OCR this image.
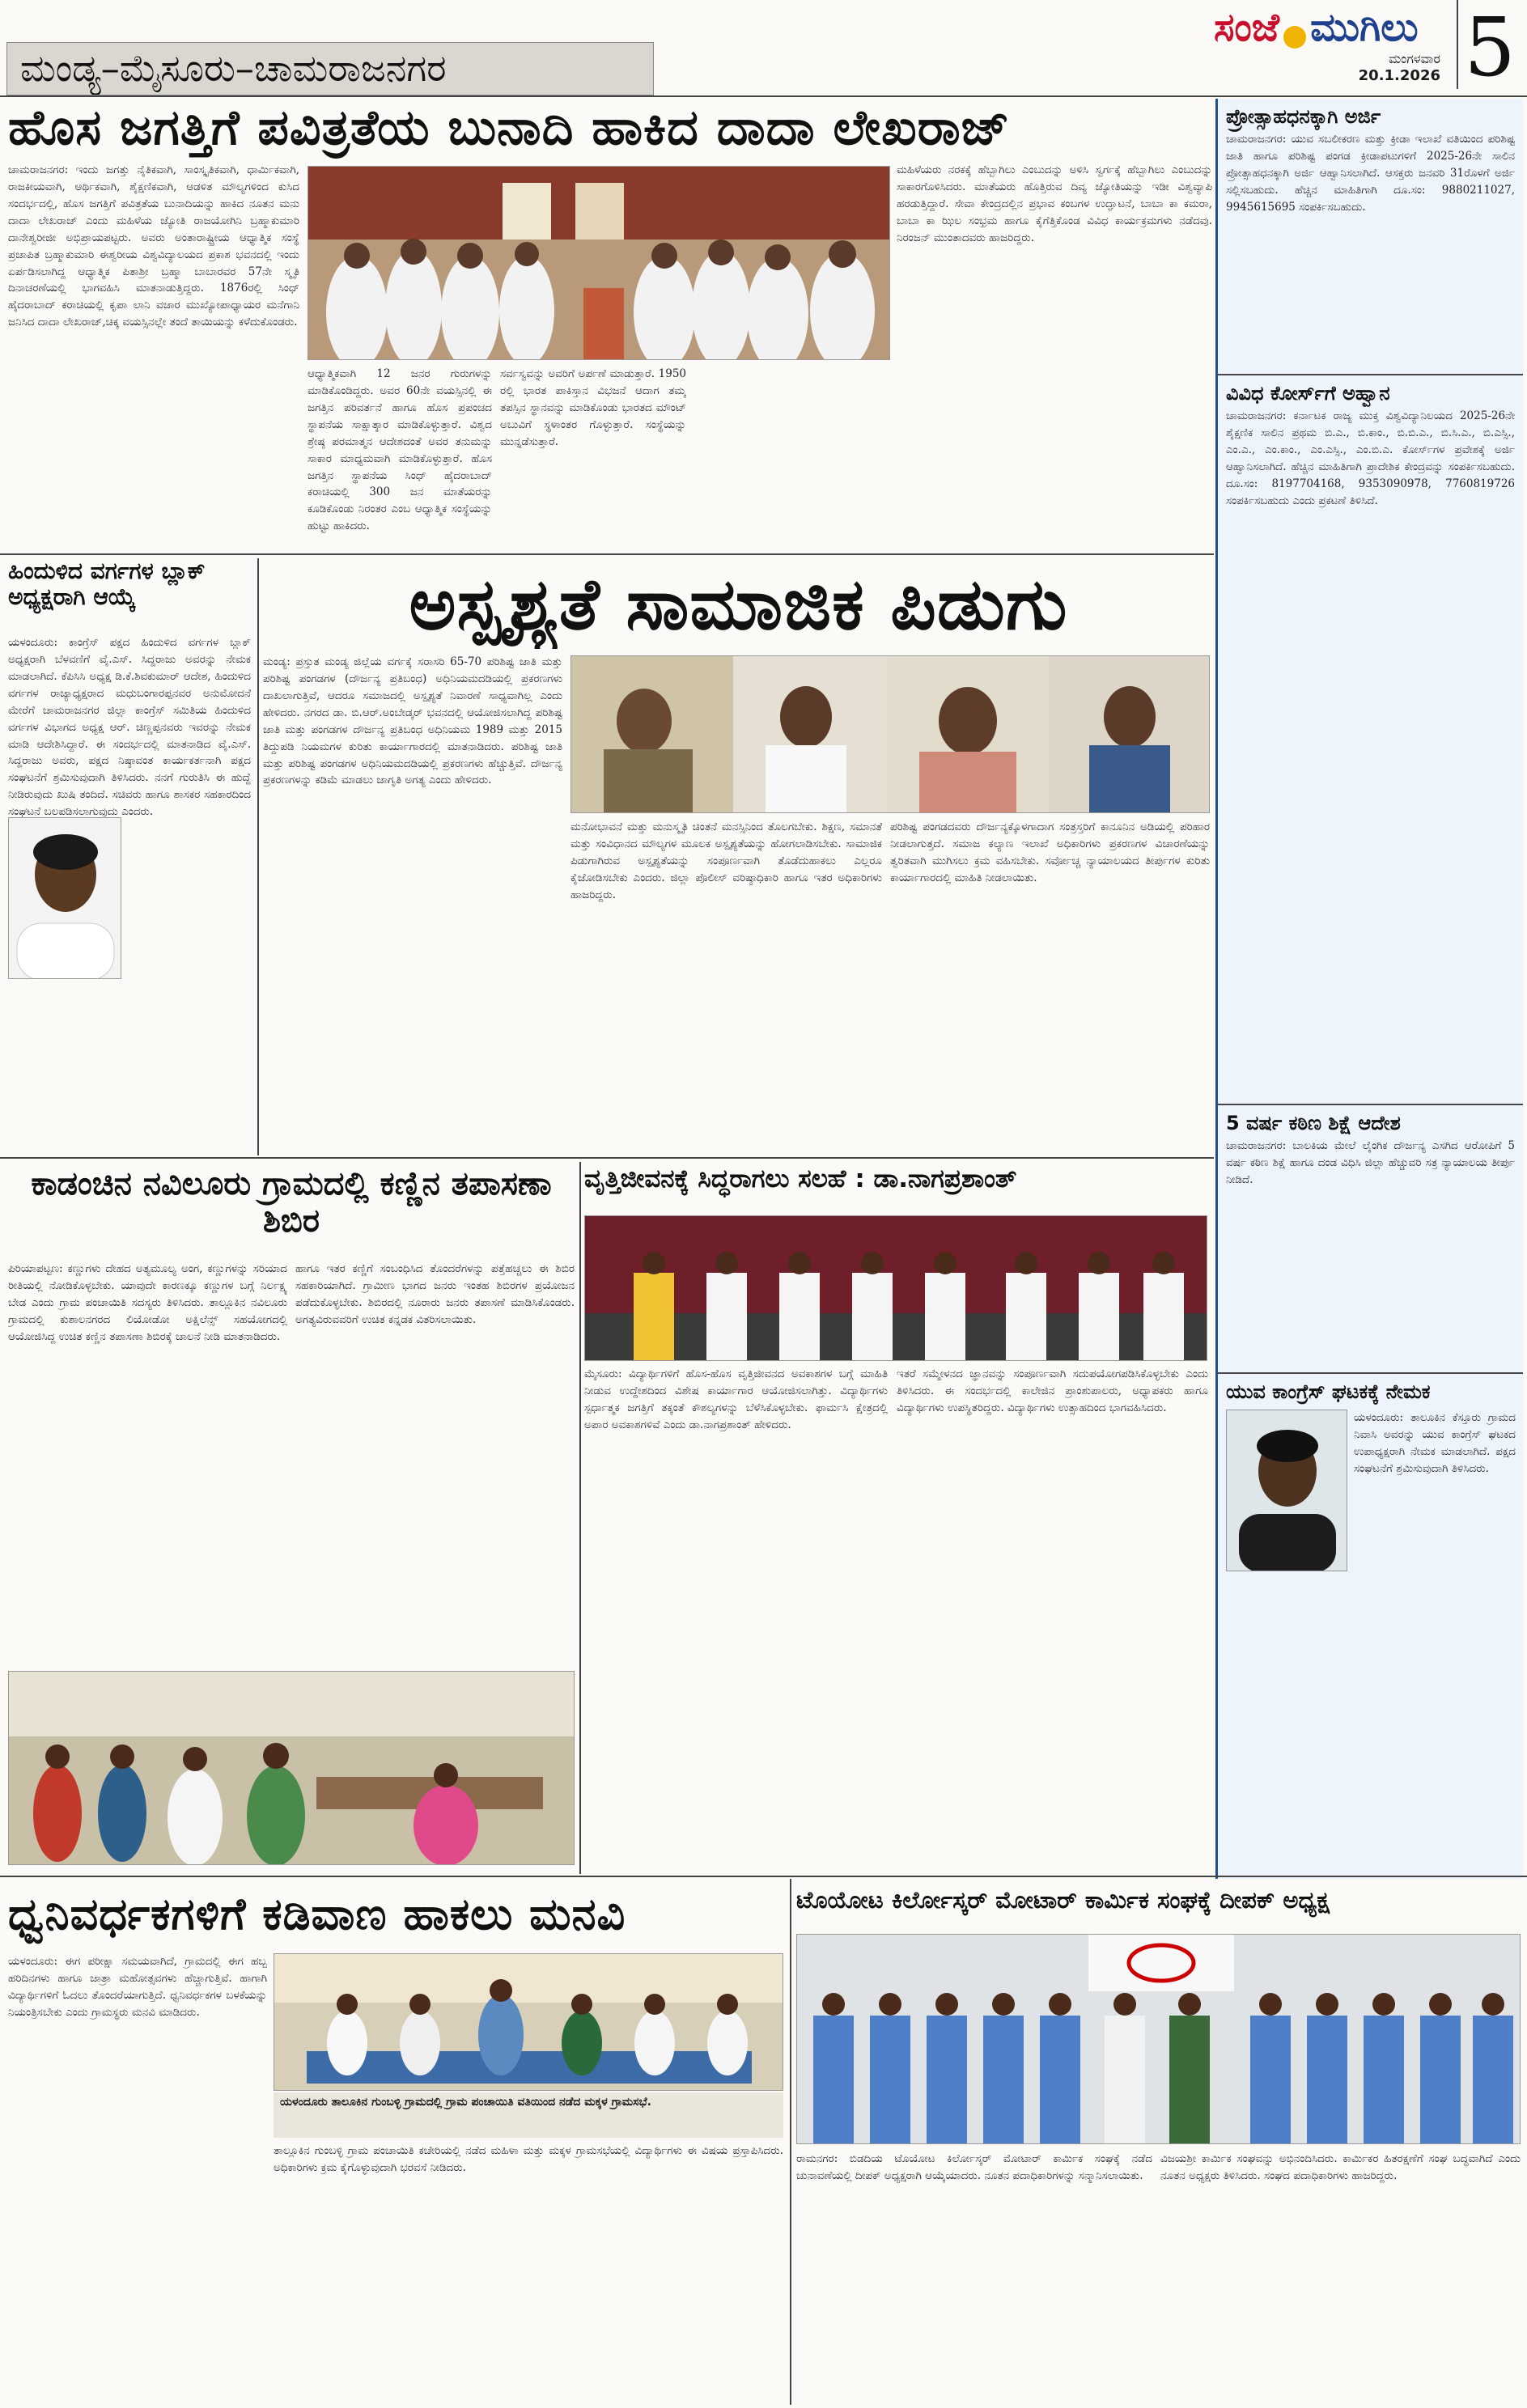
ಮಂಡ್ಯ–ಮೈಸೂರು–ಚಾಮರಾಜನಗರ
ಸಂಜೆ ಮುಗಿಲು
ಮಂಗಳವಾರ
20.1.2026 5
ಹೊಸ ಜಗತ್ತಿಗೆ ಪವಿತ್ರತೆಯ ಬುನಾದಿ ಹಾಕಿದ ದಾದಾ ಲೇಖರಾಜ್
ಚಾಮರಾಜನಗರ: ಇಂದು ಜಗತ್ತು ನೈತಿಕವಾಗಿ, ಸಾಂಸ್ಕೃತಿಕವಾಗಿ, ಧಾರ್ಮಿಕವಾಗಿ, ರಾಜಕೀಯವಾಗಿ, ಆರ್ಥಿಕವಾಗಿ, ಶೈಕ್ಷಣಿಕವಾಗಿ, ಆಡಳಿತ ಮೌಲ್ಯಗಳಿಂದ ಕುಸಿದ ಸಂದರ್ಭದಲ್ಲಿ, ಹೊಸ ಜಗತ್ತಿಗೆ ಪವಿತ್ರತೆಯ ಬುನಾದಿಯನ್ನು ಹಾಕಿದ ನೂತನ ಮನು ದಾದಾ ಲೇಖರಾಜ್ ಎಂದು ಮಹಿಳೆಯ ಜ್ಯೋತಿ ರಾಜಯೋಗಿನಿ ಬ್ರಹ್ಮಾಕುಮಾರಿ ದಾನೇಶ್ವರೀಜೀ ಅಭಿಪ್ರಾಯಪಟ್ಟರು. ಅವರು ಅಂತಾರಾಷ್ಟ್ರೀಯ ಆಧ್ಯಾತ್ಮಿಕ ಸಂಸ್ಥೆ ಪ್ರಜಾಪಿತ ಬ್ರಹ್ಮಾಕುಮಾರಿ ಈಶ್ವರೀಯ ವಿಶ್ವವಿದ್ಯಾಲಯದ ಪ್ರಕಾಶ ಭವನದಲ್ಲಿ ಇಂದು ಏರ್ಪಡಿಸಲಾಗಿದ್ದ ಆಧ್ಯಾತ್ಮಿಕ ಪಿತಾಶ್ರೀ ಬ್ರಹ್ಮಾ ಬಾಬಾರವರ 57ನೇ ಸ್ಮೃತಿ ದಿನಾಚರಣೆಯಲ್ಲಿ ಭಾಗವಹಿಸಿ ಮಾತನಾಡುತ್ತಿದ್ದರು. 1876ರಲ್ಲಿ ಸಿಂಧ್ ಹೈದರಾಬಾದ್ ಕರಾಚಿಯಲ್ಲಿ ಕೃಪಾ ಲಾನಿ ವಜಾರ ಮುಖ್ಯೋಪಾಧ್ಯಾಯರ ಮನೆಗಾನಿ ಜನಿಸಿದ ದಾದಾ ಲೇಖರಾಜ್,ಚಿಕ್ಕ ವಯಸ್ಸಿನಲ್ಲೇ ತಂದೆ ತಾಯಿಯನ್ನು ಕಳೆದುಕೊಂಡರು.
ಆಧ್ಯಾತ್ಮಿಕವಾಗಿ 12 ಜನರ ಗುರುಗಳನ್ನು ಮಾಡಿಕೊಂಡಿದ್ದರು. ಅವರ 60ನೇ ವಯಸ್ಸಿನಲ್ಲಿ ಈ ಜಗತ್ತಿನ ಪರಿವರ್ತನೆ ಹಾಗೂ ಹೊಸ ಪ್ರಪಂಚದ ಸ್ಥಾಪನೆಯ ಸಾಕ್ಷಾತ್ಕಾರ ಮಾಡಿಕೊಳ್ಳುತ್ತಾರೆ. ವಿಶ್ವದ ಶ್ರೇಷ್ಠ ಪರಮಾತ್ಮನ ಆದೇಶದಂತೆ ಅವರ ತನುಮನ್ನು ಸಾಕಾರ ಮಾಧ್ಯಮವಾಗಿ ಮಾಡಿಕೊಳ್ಳುತ್ತಾರೆ. ಹೊಸ ಜಗತ್ತಿನ ಸ್ಥಾಪನೆಯ ಸಿಂಧ್ ಹೈದರಾಬಾದ್ ಕರಾಚಿಯಲ್ಲಿ 300 ಜನ ಮಾತೆಯರನ್ನು ಕೂಡಿಕೊಂಡು ನಿರಂತರ ಎಂಬ ಆಧ್ಯಾತ್ಮಿಕ ಸಂಸ್ಥೆಯನ್ನು ಹುಟ್ಟು ಹಾಕಿದರು.
ಸರ್ವಸ್ವವನ್ನು ಅವರಿಗೆ ಅರ್ಪಣೆ ಮಾಡುತ್ತಾರೆ. 1950 ರಲ್ಲಿ ಭಾರತ ಪಾಕಿಸ್ತಾನ ವಿಭಜನೆ ಆದಾಗ ತಮ್ಮ ತಪಸ್ಸಿನ ಸ್ಥಾನವನ್ನು ಮಾಡಿಕೊಂಡು ಭಾರತದ ಮೌಂಟ್ ಅಬುವಿಗೆ ಸ್ಥಳಾಂತರ ಗೊಳ್ಳುತ್ತಾರೆ. ಸಂಸ್ಥೆಯನ್ನು ಮುನ್ನಡೆಸುತ್ತಾರೆ.
ಮಹಿಳೆಯರು ನರಕಕ್ಕೆ ಹೆಬ್ಬಾಗಿಲು ಎಂಬುದನ್ನು ಅಳಿಸಿ ಸ್ವರ್ಗಕ್ಕೆ ಹೆಬ್ಬಾಗಿಲು ಎಂಬುದನ್ನು ಸಾಕಾರಗೊಳಿಸಿದರು. ಮಾತೆಯರು ಹೊತ್ತಿರುವ ದಿವ್ಯ ಜ್ಯೋತಿಯನ್ನು ಇಡೀ ವಿಶ್ವವ್ಯಾಪಿ ಹರಡುತ್ತಿದ್ದಾರೆ. ಸೇವಾ ಕೇಂದ್ರದಲ್ಲಿನ ಪ್ರಭಾವ ಕಂಬಗಳ ಉದ್ಘಾಟನೆ, ಬಾಬಾ ಕಾ ಕಮರಾ, ಬಾಬಾ ಕಾ ಝಿಲ ಸಂಭ್ರಮ ಹಾಗೂ ಕೈಗೆತ್ತಿಕೊಂಡ ವಿವಿಧ ಕಾರ್ಯಕ್ರಮಗಳು ನಡೆದವು. ನಿರಂಜನ್ ಮುಂತಾದವರು ಹಾಜರಿದ್ದರು.
ಹಿಂದುಳಿದ ವರ್ಗಗಳ ಬ್ಲಾಕ್ ಅಧ್ಯಕ್ಷರಾಗಿ ಆಯ್ಕೆ
ಯಳಂದೂರು: ಕಾಂಗ್ರೆಸ್ ಪಕ್ಷದ ಹಿಂದುಳಿದ ವರ್ಗಗಳ ಬ್ಲಾಕ್ ಅಧ್ಯಕ್ಷರಾಗಿ ಬೆಳವಣಿಗೆ ವೈ.ಎಸ್. ಸಿದ್ದರಾಜು ಅವರನ್ನು ನೇಮಕ ಮಾಡಲಾಗಿದೆ. ಕೆಪಿಸಿಸಿ ಅಧ್ಯಕ್ಷ ಡಿ.ಕೆ.ಶಿವಕುಮಾರ್ ಆದೇಶ, ಹಿಂದುಳಿದ ವರ್ಗಗಳ ರಾಜ್ಯಾಧ್ಯಕ್ಷರಾದ ಮಧುಬಂಗಾರಪ್ಪನವರ ಅನುಮೋದನೆ ಮೇರೆಗೆ ಚಾಮರಾಜನಗರ ಜಿಲ್ಲಾ ಕಾಂಗ್ರೆಸ್ ಸಮಿತಿಯ ಹಿಂದುಳಿದ ವರ್ಗಗಳ ವಿಭಾಗದ ಅಧ್ಯಕ್ಷ ಆರ್. ಚಿಣ್ಣಪ್ಪನವರು ಇವರನ್ನು ನೇಮಕ ಮಾಡಿ ಆದೇಶಿಸಿದ್ದಾರೆ. ಈ ಸಂದರ್ಭದಲ್ಲಿ ಮಾತನಾಡಿದ ವೈ.ಎಸ್. ಸಿದ್ದರಾಜು ಅವರು, ಪಕ್ಷದ ನಿಷ್ಠಾವಂತ ಕಾರ್ಯಕರ್ತನಾಗಿ ಪಕ್ಷದ ಸಂಘಟನೆಗೆ ಶ್ರಮಿಸುವುದಾಗಿ ತಿಳಿಸಿದರು. ನನಗೆ ಗುರುತಿಸಿ ಈ ಹುದ್ದೆ ನೀಡಿರುವುದು ಖುಷಿ ತಂದಿದೆ. ಸಚಿವರು ಹಾಗೂ ಶಾಸಕರ ಸಹಕಾರದಿಂದ ಸಂಘಟನೆ ಬಲಪಡಿಸಲಾಗುವುದು ಎಂದರು.
ಅಸ್ಪೃಶ್ಯತೆ ಸಾಮಾಜಿಕ ಪಿಡುಗು
ಮಂಡ್ಯ: ಪ್ರಸ್ತುತ ಮಂಡ್ಯ ಜಿಲ್ಲೆಯ ವರ್ಗಕ್ಕೆ ಸರಾಸರಿ 65-70 ಪರಿಶಿಷ್ಟ ಜಾತಿ ಮತ್ತು ಪರಿಶಿಷ್ಟ ಪಂಗಡಗಳ (ದೌರ್ಜನ್ಯ ಪ್ರತಿಬಂಧ) ಅಧಿನಿಯಮದಡಿಯಲ್ಲಿ ಪ್ರಕರಣಗಳು ದಾಖಲಾಗುತ್ತಿವೆ, ಆದರೂ ಸಮಾಜದಲ್ಲಿ ಅಸ್ಪೃಶ್ಯತೆ ನಿವಾರಣೆ ಸಾಧ್ಯವಾಗಿಲ್ಲ ಎಂದು ಹೇಳಿದರು. ನಗರದ ಡಾ. ಬಿ.ಆರ್.ಅಂಬೇಡ್ಕರ್ ಭವನದಲ್ಲಿ ಆಯೋಜಿಸಲಾಗಿದ್ದ ಪರಿಶಿಷ್ಟ ಜಾತಿ ಮತ್ತು ಪಂಗಡಗಳ ದೌರ್ಜನ್ಯ ಪ್ರತಿಬಂಧ ಅಧಿನಿಯಮ 1989 ಮತ್ತು 2015 ತಿದ್ದುಪಡಿ ನಿಯಮಗಳ ಕುರಿತು ಕಾರ್ಯಾಗಾರದಲ್ಲಿ ಮಾತನಾಡಿದರು. ಪರಿಶಿಷ್ಟ ಜಾತಿ ಮತ್ತು ಪರಿಶಿಷ್ಟ ಪಂಗಡಗಳ ಅಧಿನಿಯಮದಡಿಯಲ್ಲಿ ಪ್ರಕರಣಗಳು ಹೆಚ್ಚುತ್ತಿವೆ. ದೌರ್ಜನ್ಯ ಪ್ರಕರಣಗಳನ್ನು ಕಡಿಮೆ ಮಾಡಲು ಜಾಗೃತಿ ಅಗತ್ಯ ಎಂದು ಹೇಳಿದರು.
ಮನೋಭಾವನೆ ಮತ್ತು ಮನುಸ್ಮೃತಿ ಚಿಂತನೆ ಮನಸ್ಸಿನಿಂದ ತೊಲಗಬೇಕು. ಶಿಕ್ಷಣ, ಸಮಾನತೆ ಮತ್ತು ಸಂವಿಧಾನದ ಮೌಲ್ಯಗಳ ಮೂಲಕ ಅಸ್ಪೃಶ್ಯತೆಯನ್ನು ಹೋಗಲಾಡಿಸಬೇಕು. ಸಾಮಾಜಿಕ ಪಿಡುಗಾಗಿರುವ ಅಸ್ಪೃಶ್ಯತೆಯನ್ನು ಸಂಪೂರ್ಣವಾಗಿ ತೊಡೆದುಹಾಕಲು ಎಲ್ಲರೂ ಕೈಜೋಡಿಸಬೇಕು ಎಂದರು. ಜಿಲ್ಲಾ ಪೊಲೀಸ್ ವರಿಷ್ಠಾಧಿಕಾರಿ ಹಾಗೂ ಇತರ ಅಧಿಕಾರಿಗಳು ಹಾಜರಿದ್ದರು.
ಪರಿಶಿಷ್ಟ ಪಂಗಡದವರು ದೌರ್ಜನ್ಯಕ್ಕೊಳಗಾದಾಗ ಸಂತ್ರಸ್ತರಿಗೆ ಕಾನೂನಿನ ಅಡಿಯಲ್ಲಿ ಪರಿಹಾರ ನೀಡಲಾಗುತ್ತದೆ. ಸಮಾಜ ಕಲ್ಯಾಣ ಇಲಾಖೆ ಅಧಿಕಾರಿಗಳು ಪ್ರಕರಣಗಳ ವಿಚಾರಣೆಯನ್ನು ತ್ವರಿತವಾಗಿ ಮುಗಿಸಲು ಕ್ರಮ ವಹಿಸಬೇಕು. ಸರ್ವೋಚ್ಚ ನ್ಯಾಯಾಲಯದ ತೀರ್ಪುಗಳ ಕುರಿತು ಕಾರ್ಯಾಗಾರದಲ್ಲಿ ಮಾಹಿತಿ ನೀಡಲಾಯಿತು.
ಪ್ರೋತ್ಸಾಹಧನಕ್ಕಾಗಿ ಅರ್ಜಿ
ಚಾಮರಾಜನಗರ: ಯುವ ಸಬಲೀಕರಣ ಮತ್ತು ಕ್ರೀಡಾ ಇಲಾಖೆ ವತಿಯಿಂದ ಪರಿಶಿಷ್ಟ ಜಾತಿ ಹಾಗೂ ಪರಿಶಿಷ್ಟ ಪಂಗಡ ಕ್ರೀಡಾಪಟುಗಳಿಗೆ 2025-26ನೇ ಸಾಲಿನ ಪ್ರೋತ್ಸಾಹಧನಕ್ಕಾಗಿ ಅರ್ಜಿ ಆಹ್ವಾನಿಸಲಾಗಿದೆ. ಆಸಕ್ತರು ಜನವರಿ 31ರೊಳಗೆ ಅರ್ಜಿ ಸಲ್ಲಿಸಬಹುದು. ಹೆಚ್ಚಿನ ಮಾಹಿತಿಗಾಗಿ ದೂ.ಸಂ: 9880211027, 9945615695 ಸಂಪರ್ಕಿಸಬಹುದು.
ವಿವಿಧ ಕೋರ್ಸ್‌ಗೆ ಅಹ್ವಾನ
ಚಾಮರಾಜನಗರ: ಕರ್ನಾಟಕ ರಾಜ್ಯ ಮುಕ್ತ ವಿಶ್ವವಿದ್ಯಾನಿಲಯದ 2025-26ನೇ ಶೈಕ್ಷಣಿಕ ಸಾಲಿನ ಪ್ರಥಮ ಬಿ.ಎ., ಬಿ.ಕಾಂ., ಬಿ.ಬಿ.ಎ., ಬಿ.ಸಿ.ಎ., ಬಿ.ಎಸ್ಸಿ., ಎಂ.ಎ., ಎಂ.ಕಾಂ., ಎಂ.ಎಸ್ಸಿ., ಎಂ.ಬಿ.ಎ. ಕೋರ್ಸ್‌ಗಳ ಪ್ರವೇಶಕ್ಕೆ ಅರ್ಜಿ ಆಹ್ವಾನಿಸಲಾಗಿದೆ. ಹೆಚ್ಚಿನ ಮಾಹಿತಿಗಾಗಿ ಪ್ರಾದೇಶಿಕ ಕೇಂದ್ರವನ್ನು ಸಂಪರ್ಕಿಸಬಹುದು. ದೂ.ಸಂ: 8197704168, 9353090978, 7760819726 ಸಂಪರ್ಕಿಸಬಹುದು ಎಂದು ಪ್ರಕಟಣೆ ತಿಳಿಸಿದೆ.
5 ವರ್ಷ ಕಠಿಣ ಶಿಕ್ಷೆ ಆದೇಶ
ಚಾಮರಾಜನಗರ: ಬಾಲಕಿಯ ಮೇಲೆ ಲೈಂಗಿಕ ದೌರ್ಜನ್ಯ ಎಸಗಿದ ಆರೋಪಿಗೆ 5 ವರ್ಷ ಕಠಿಣ ಶಿಕ್ಷೆ ಹಾಗೂ ದಂಡ ವಿಧಿಸಿ ಜಿಲ್ಲಾ ಹೆಚ್ಚುವರಿ ಸತ್ರ ನ್ಯಾಯಾಲಯ ತೀರ್ಪು ನೀಡಿದೆ.
ಯುವ ಕಾಂಗ್ರೆಸ್ ಘಟಕಕ್ಕೆ ನೇಮಕ
ಯಳಂದೂರು: ತಾಲೂಕಿನ ಕೆಸ್ತೂರು ಗ್ರಾಮದ ನಿವಾಸಿ ಅವರನ್ನು ಯುವ ಕಾಂಗ್ರೆಸ್ ಘಟಕದ ಉಪಾಧ್ಯಕ್ಷರಾಗಿ ನೇಮಕ ಮಾಡಲಾಗಿದೆ. ಪಕ್ಷದ ಸಂಘಟನೆಗೆ ಶ್ರಮಿಸುವುದಾಗಿ ತಿಳಿಸಿದರು.
ಕಾಡಂಚಿನ ನವಿಲೂರು ಗ್ರಾಮದಲ್ಲಿ ಕಣ್ಣಿನ ತಪಾಸಣಾ ಶಿಬಿರ
ಪಿರಿಯಾಪಟ್ಟಣ: ಕಣ್ಣುಗಳು ದೇಹದ ಅತ್ಯಮೂಲ್ಯ ಅಂಗ, ಕಣ್ಣುಗಳನ್ನು ಸರಿಯಾದ ರೀತಿಯಲ್ಲಿ ನೋಡಿಕೊಳ್ಳಬೇಕು. ಯಾವುದೇ ಕಾರಣಕ್ಕೂ ಕಣ್ಣುಗಳ ಬಗ್ಗೆ ನಿರ್ಲಕ್ಷ್ಯ ಬೇಡ ಎಂದು ಗ್ರಾಮ ಪಂಚಾಯಿತಿ ಸದಸ್ಯರು ತಿಳಿಸಿದರು. ತಾಲ್ಲೂಕಿನ ನವಿಲೂರು ಗ್ರಾಮದಲ್ಲಿ ಕುಶಾಲನಗರದ ಲಿಯೋಡೋ ಅಕ್ಷಿಲೆನ್ಸ್ ಸಹಯೋಗದಲ್ಲಿ ಆಯೋಜಿಸಿದ್ದ ಉಚಿತ ಕಣ್ಣಿನ ತಪಾಸಣಾ ಶಿಬಿರಕ್ಕೆ ಚಾಲನೆ ನೀಡಿ ಮಾತನಾಡಿದರು.
ಹಾಗೂ ಇತರ ಕಣ್ಣಿಗೆ ಸಂಬಂಧಿಸಿದ ತೊಂದರೆಗಳನ್ನು ಪತ್ತೆಹಚ್ಚಲು ಈ ಶಿಬಿರ ಸಹಕಾರಿಯಾಗಿದೆ. ಗ್ರಾಮೀಣ ಭಾಗದ ಜನರು ಇಂತಹ ಶಿಬಿರಗಳ ಪ್ರಯೋಜನ ಪಡೆದುಕೊಳ್ಳಬೇಕು. ಶಿಬಿರದಲ್ಲಿ ನೂರಾರು ಜನರು ತಪಾಸಣೆ ಮಾಡಿಸಿಕೊಂಡರು. ಅಗತ್ಯವಿರುವವರಿಗೆ ಉಚಿತ ಕನ್ನಡಕ ವಿತರಿಸಲಾಯಿತು.
ವೃತ್ತಿಜೀವನಕ್ಕೆ ಸಿದ್ಧರಾಗಲು ಸಲಹೆ : ಡಾ.ನಾಗಪ್ರಶಾಂತ್
ಮೈಸೂರು: ವಿದ್ಯಾರ್ಥಿಗಳಿಗೆ ಹೊಸ-ಹೊಸ ವೃತ್ತಿಜೀವನದ ಅವಕಾಶಗಳ ಬಗ್ಗೆ ಮಾಹಿತಿ ನೀಡುವ ಉದ್ದೇಶದಿಂದ ವಿಶೇಷ ಕಾರ್ಯಾಗಾರ ಆಯೋಜಿಸಲಾಗಿತ್ತು. ವಿದ್ಯಾರ್ಥಿಗಳು ಸ್ಪರ್ಧಾತ್ಮಕ ಜಗತ್ತಿಗೆ ತಕ್ಕಂತೆ ಕೌಶಲ್ಯಗಳನ್ನು ಬೆಳೆಸಿಕೊಳ್ಳಬೇಕು. ಫಾರ್ಮಸಿ ಕ್ಷೇತ್ರದಲ್ಲಿ ಅಪಾರ ಅವಕಾಶಗಳಿವೆ ಎಂದು ಡಾ.ನಾಗಪ್ರಶಾಂತ್ ಹೇಳಿದರು.
ಇತರೆ ಸಮ್ಮೇಳನದ ಜ್ಞಾನವನ್ನು ಸಂಪೂರ್ಣವಾಗಿ ಸದುಪಯೋಗಪಡಿಸಿಕೊಳ್ಳಬೇಕು ಎಂದು ತಿಳಿಸಿದರು. ಈ ಸಂದರ್ಭದಲ್ಲಿ ಕಾಲೇಜಿನ ಪ್ರಾಂಶುಪಾಲರು, ಅಧ್ಯಾಪಕರು ಹಾಗೂ ವಿದ್ಯಾರ್ಥಿಗಳು ಉಪಸ್ಥಿತರಿದ್ದರು. ವಿದ್ಯಾರ್ಥಿಗಳು ಉತ್ಸಾಹದಿಂದ ಭಾಗವಹಿಸಿದರು.
ಧ್ವನಿವರ್ಧಕಗಳಿಗೆ ಕಡಿವಾಣ ಹಾಕಲು ಮನವಿ
ಯಳಂದೂರು: ಈಗ ಪರೀಕ್ಷಾ ಸಮಯವಾಗಿದೆ, ಗ್ರಾಮದಲ್ಲಿ ಈಗ ಹಬ್ಬ ಹರಿದಿನಗಳು ಹಾಗೂ ಜಾತ್ರಾ ಮಹೋತ್ಸವಗಳು ಹೆಚ್ಚಾಗುತ್ತಿವೆ. ಹಾಗಾಗಿ ವಿದ್ಯಾರ್ಥಿಗಳಿಗೆ ಓದಲು ತೊಂದರೆಯಾಗುತ್ತಿದೆ. ಧ್ವನಿವರ್ಧಕಗಳ ಬಳಕೆಯನ್ನು ನಿಯಂತ್ರಿಸಬೇಕು ಎಂದು ಗ್ರಾಮಸ್ಥರು ಮನವಿ ಮಾಡಿದರು.
ಯಳಂದೂರು ತಾಲೂಕಿನ ಗುಂಬಳ್ಳಿ ಗ್ರಾಮದಲ್ಲಿ ಗ್ರಾಮ ಪಂಚಾಯಿತಿ ವತಿಯಿಂದ ನಡೆದ ಮಕ್ಕಳ ಗ್ರಾಮಸಭೆ.
ತಾಲ್ಲೂಕಿನ ಗುಂಬಳ್ಳಿ ಗ್ರಾಮ ಪಂಚಾಯಿತಿ ಕಚೇರಿಯಲ್ಲಿ ನಡೆದ ಮಹಿಳಾ ಮತ್ತು ಮಕ್ಕಳ ಗ್ರಾಮಸಭೆಯಲ್ಲಿ ವಿದ್ಯಾರ್ಥಿಗಳು ಈ ವಿಷಯ ಪ್ರಸ್ತಾಪಿಸಿದರು. ಅಧಿಕಾರಿಗಳು ಕ್ರಮ ಕೈಗೊಳ್ಳುವುದಾಗಿ ಭರವಸೆ ನೀಡಿದರು.
ಟೊಯೋಟ ಕಿರ್ಲೋಸ್ಕರ್ ಮೋಟಾರ್ ಕಾರ್ಮಿಕ ಸಂಘಕ್ಕೆ ದೀಪಕ್ ಅಧ್ಯಕ್ಷ
ರಾಮನಗರ: ಬಿಡದಿಯ ಟೊಯೋಟ ಕಿರ್ಲೋಸ್ಕರ್ ಮೋಟಾರ್ ಕಾರ್ಮಿಕ ಸಂಘಕ್ಕೆ ನಡೆದ ಚುನಾವಣೆಯಲ್ಲಿ ದೀಪಕ್ ಅಧ್ಯಕ್ಷರಾಗಿ ಆಯ್ಕೆಯಾದರು. ನೂತನ ಪದಾಧಿಕಾರಿಗಳನ್ನು ಸನ್ಮಾನಿಸಲಾಯಿತು.
ವಿಜಯಶ್ರೀ ಕಾರ್ಮಿಕ ಸಂಘವನ್ನು ಅಭಿನಂದಿಸಿದರು. ಕಾರ್ಮಿಕರ ಹಿತರಕ್ಷಣೆಗೆ ಸಂಘ ಬದ್ಧವಾಗಿದೆ ಎಂದು ನೂತನ ಅಧ್ಯಕ್ಷರು ತಿಳಿಸಿದರು. ಸಂಘದ ಪದಾಧಿಕಾರಿಗಳು ಹಾಜರಿದ್ದರು.
